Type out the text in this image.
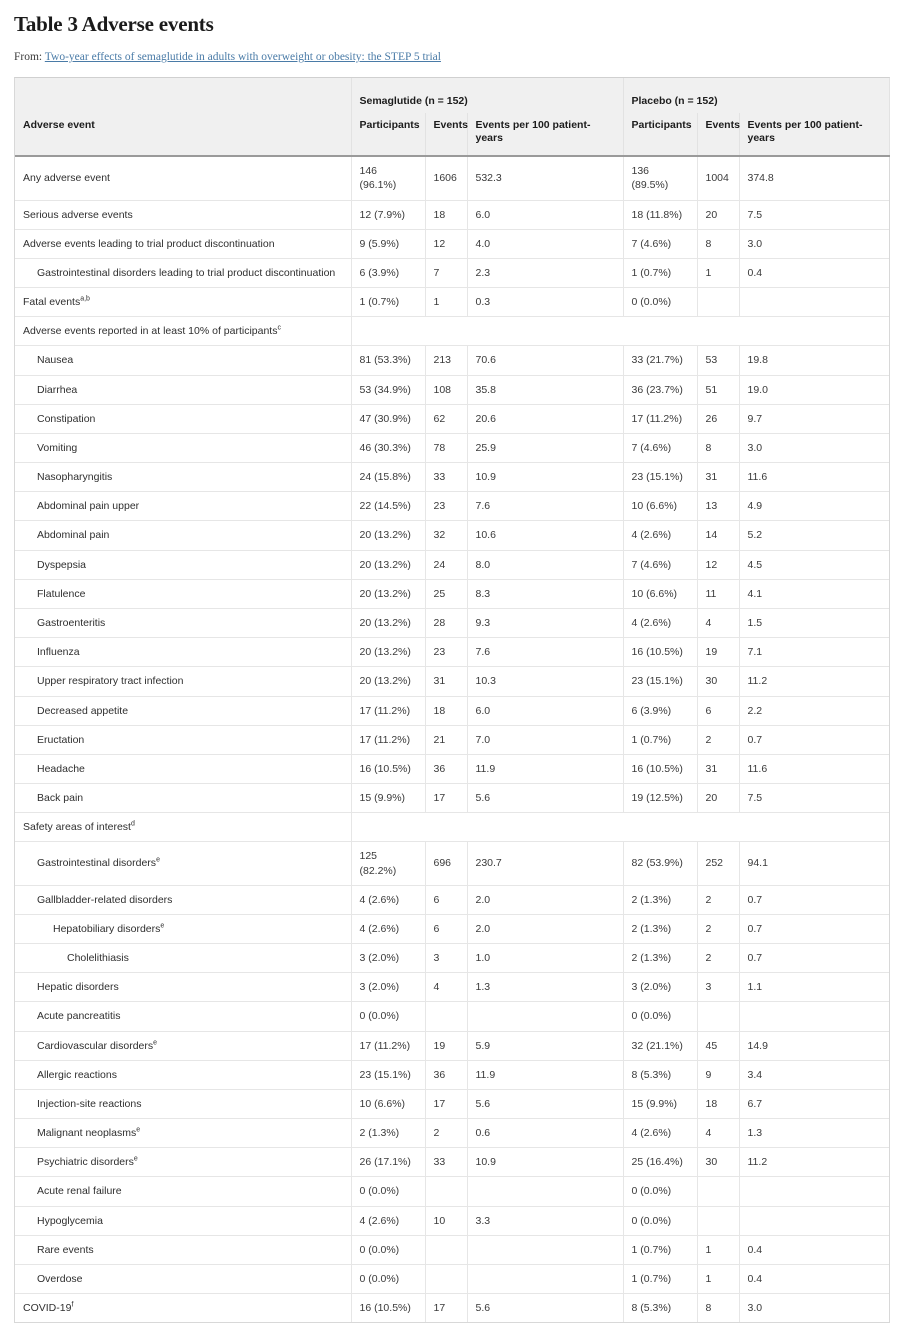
Table 3 Adverse events
From: Two-year effects of semaglutide in adults with overweight or obesity: the STEP 5 trial
	Semaglutide (n = 152)			Placebo (n = 152)		
Adverse event	Participants	Events	Events per 100 patient-years	Participants	Events	Events per 100 patient-years
Any adverse event	146 (96.1%)	1606	532.3	136 (89.5%)	1004	374.8
Serious adverse events	12 (7.9%)	18	6.0	18 (11.8%)	20	7.5
Adverse events leading to trial product discontinuation	9 (5.9%)	12	4.0	7 (4.6%)	8	3.0
Gastrointestinal disorders leading to trial product discontinuation	6 (3.9%)	7	2.3	1 (0.7%)	1	0.4
Fatal events$^{a,b}$	1 (0.7%)	1	0.3	0 (0.0%)		
Adverse events reported in at least 10% of participants$^c$	
Nausea	81 (53.3%)	213	70.6	33 (21.7%)	53	19.8
Diarrhea	53 (34.9%)	108	35.8	36 (23.7%)	51	19.0
Constipation	47 (30.9%)	62	20.6	17 (11.2%)	26	9.7
Vomiting	46 (30.3%)	78	25.9	7 (4.6%)	8	3.0
Nasopharyngitis	24 (15.8%)	33	10.9	23 (15.1%)	31	11.6
Abdominal pain upper	22 (14.5%)	23	7.6	10 (6.6%)	13	4.9
Abdominal pain	20 (13.2%)	32	10.6	4 (2.6%)	14	5.2
Dyspepsia	20 (13.2%)	24	8.0	7 (4.6%)	12	4.5
Flatulence	20 (13.2%)	25	8.3	10 (6.6%)	11	4.1
Gastroenteritis	20 (13.2%)	28	9.3	4 (2.6%)	4	1.5
Influenza	20 (13.2%)	23	7.6	16 (10.5%)	19	7.1
Upper respiratory tract infection	20 (13.2%)	31	10.3	23 (15.1%)	30	11.2
Decreased appetite	17 (11.2%)	18	6.0	6 (3.9%)	6	2.2
Eructation	17 (11.2%)	21	7.0	1 (0.7%)	2	0.7
Headache	16 (10.5%)	36	11.9	16 (10.5%)	31	11.6
Back pain	15 (9.9%)	17	5.6	19 (12.5%)	20	7.5
Safety areas of interest$^d$	
Gastrointestinal disorders$^e$	125 (82.2%)	696	230.7	82 (53.9%)	252	94.1
Gallbladder-related disorders	4 (2.6%)	6	2.0	2 (1.3%)	2	0.7
Hepatobiliary disorders$^e$	4 (2.6%)	6	2.0	2 (1.3%)	2	0.7
Cholelithiasis	3 (2.0%)	3	1.0	2 (1.3%)	2	0.7
Hepatic disorders	3 (2.0%)	4	1.3	3 (2.0%)	3	1.1
Acute pancreatitis	0 (0.0%)			0 (0.0%)		
Cardiovascular disorders$^e$	17 (11.2%)	19	5.9	32 (21.1%)	45	14.9
Allergic reactions	23 (15.1%)	36	11.9	8 (5.3%)	9	3.4
Injection-site reactions	10 (6.6%)	17	5.6	15 (9.9%)	18	6.7
Malignant neoplasms$^e$	2 (1.3%)	2	0.6	4 (2.6%)	4	1.3
Psychiatric disorders$^e$	26 (17.1%)	33	10.9	25 (16.4%)	30	11.2
Acute renal failure	0 (0.0%)			0 (0.0%)		
Hypoglycemia	4 (2.6%)	10	3.3	0 (0.0%)		
Rare events	0 (0.0%)			1 (0.7%)	1	0.4
Overdose	0 (0.0%)			1 (0.7%)	1	0.4
COVID-19$^f$	16 (10.5%)	17	5.6	8 (5.3%)	8	3.0
